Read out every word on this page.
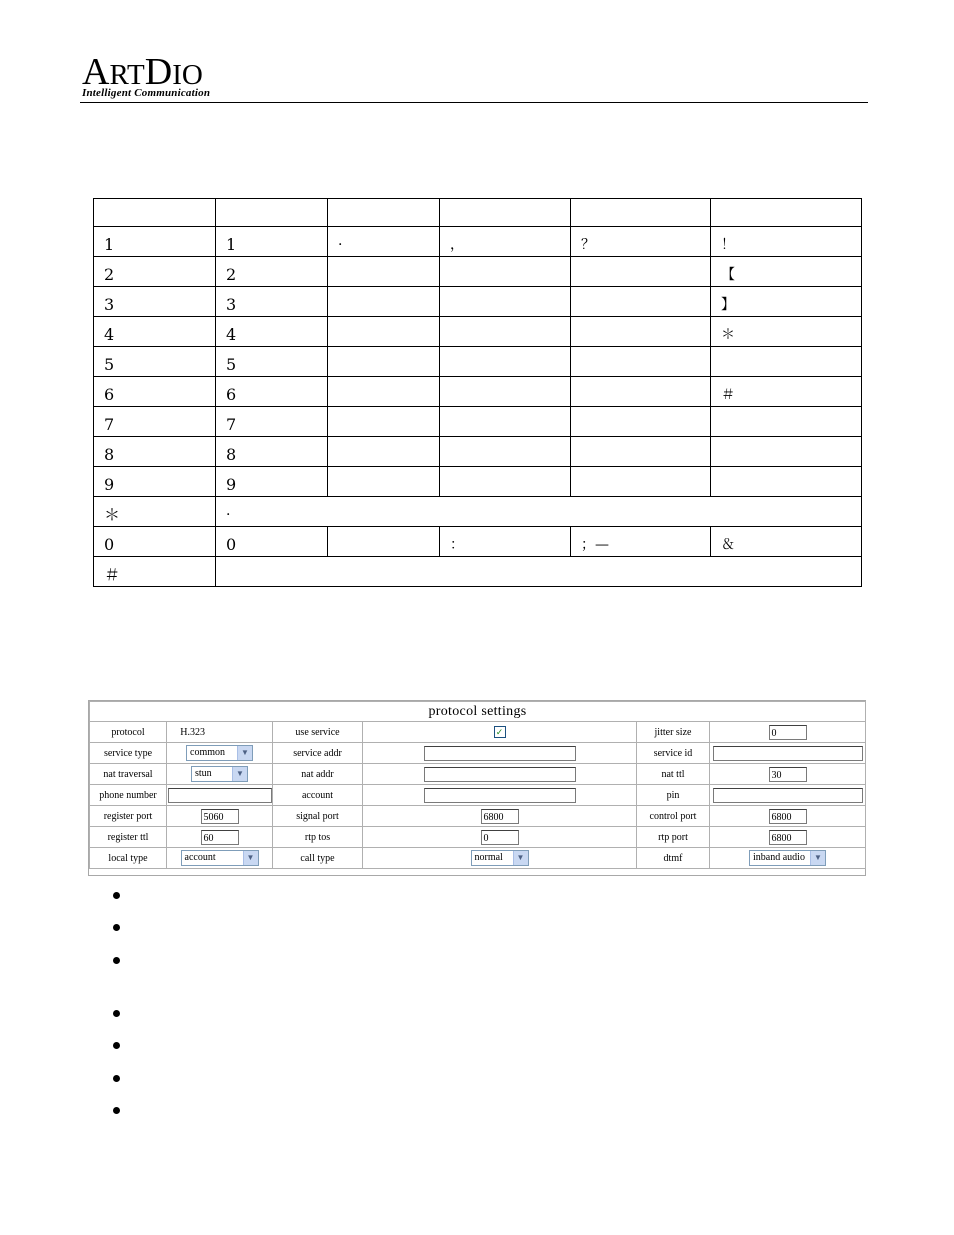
ARTDIO
Intelligent Communication

1	1	·	，	？	！
2	2				【
3	3				】
4	4				＊
5	5				
6	6				＃
7	7				
8	8				
9	9				
＊	·				
0	0		：	；—	＆
＃					
protocol settings					
protocol	H.323	use service	✓	jitter size	0
service type	common ▼	service addr		service id	
nat traversal	stun ▼	nat addr		nat ttl	30
phone number		account		pin	
register port	5060	signal port	6800	control port	6800
register ttl	60	rtp tos	0	rtp port	6800
local type	account ▼	call type	normal ▼	dtmf	inband audio ▼
